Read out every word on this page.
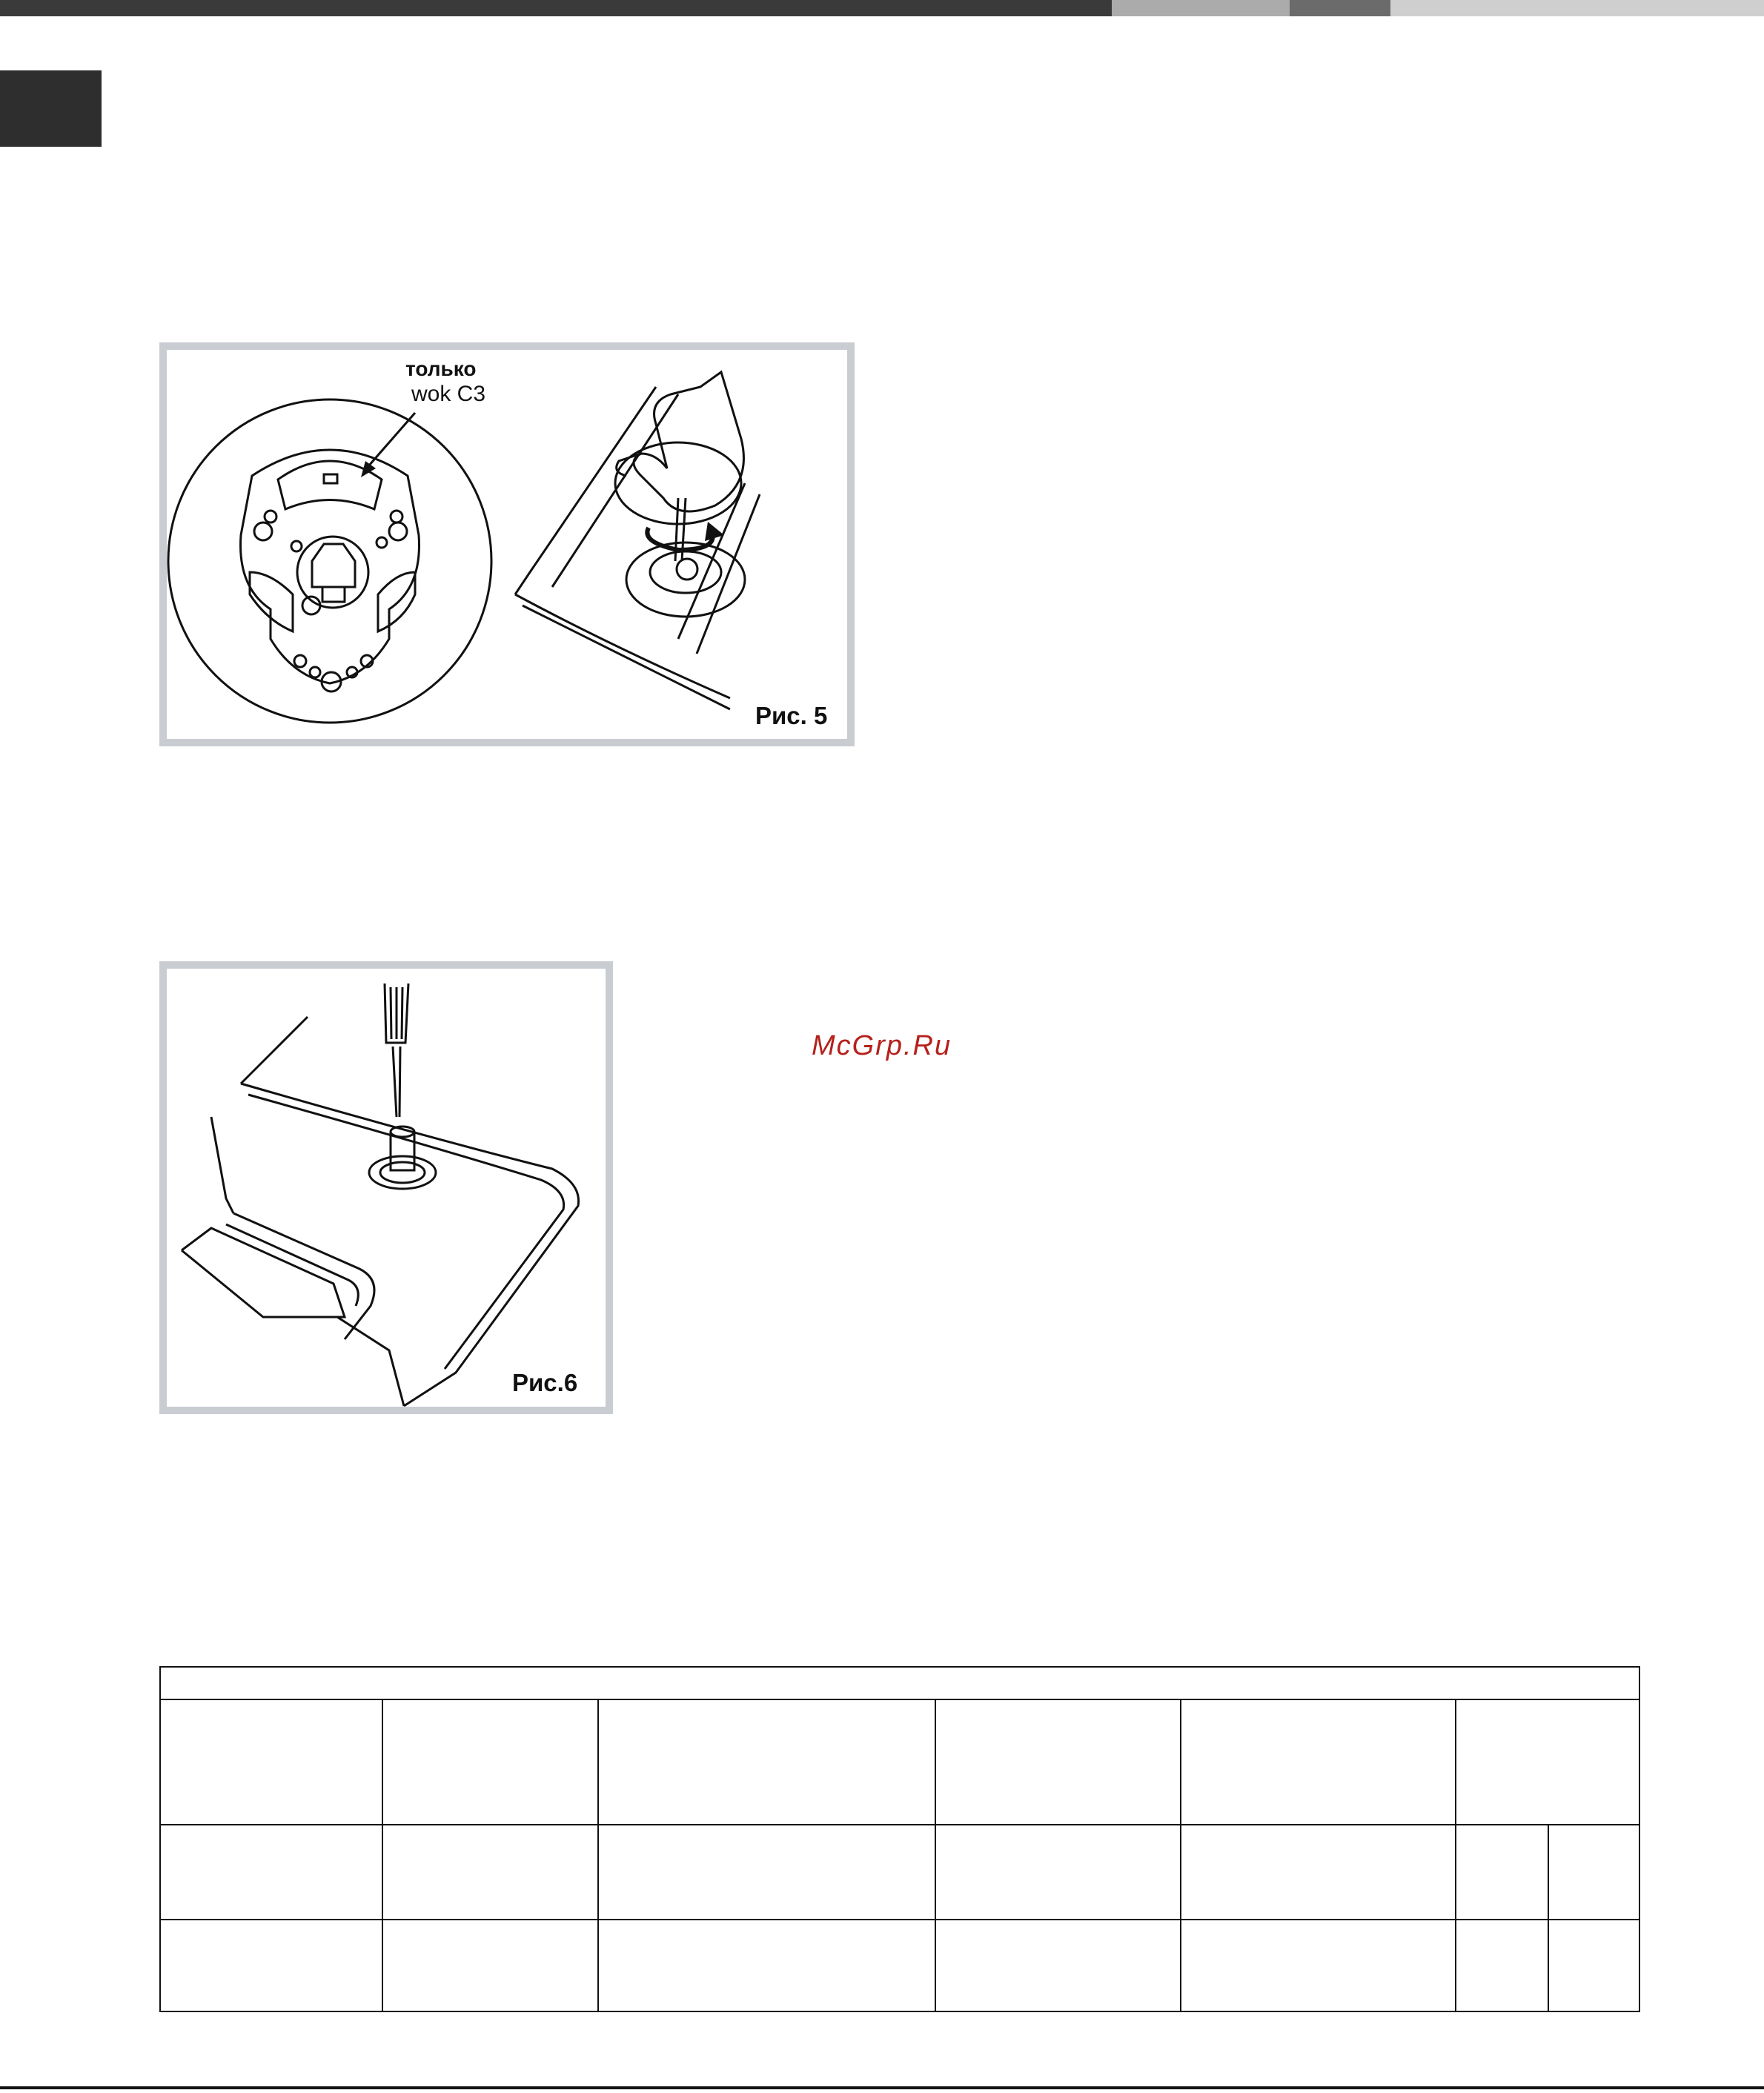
только
wok C3
Рис. 5
Рис.6
McGrp.Ru
